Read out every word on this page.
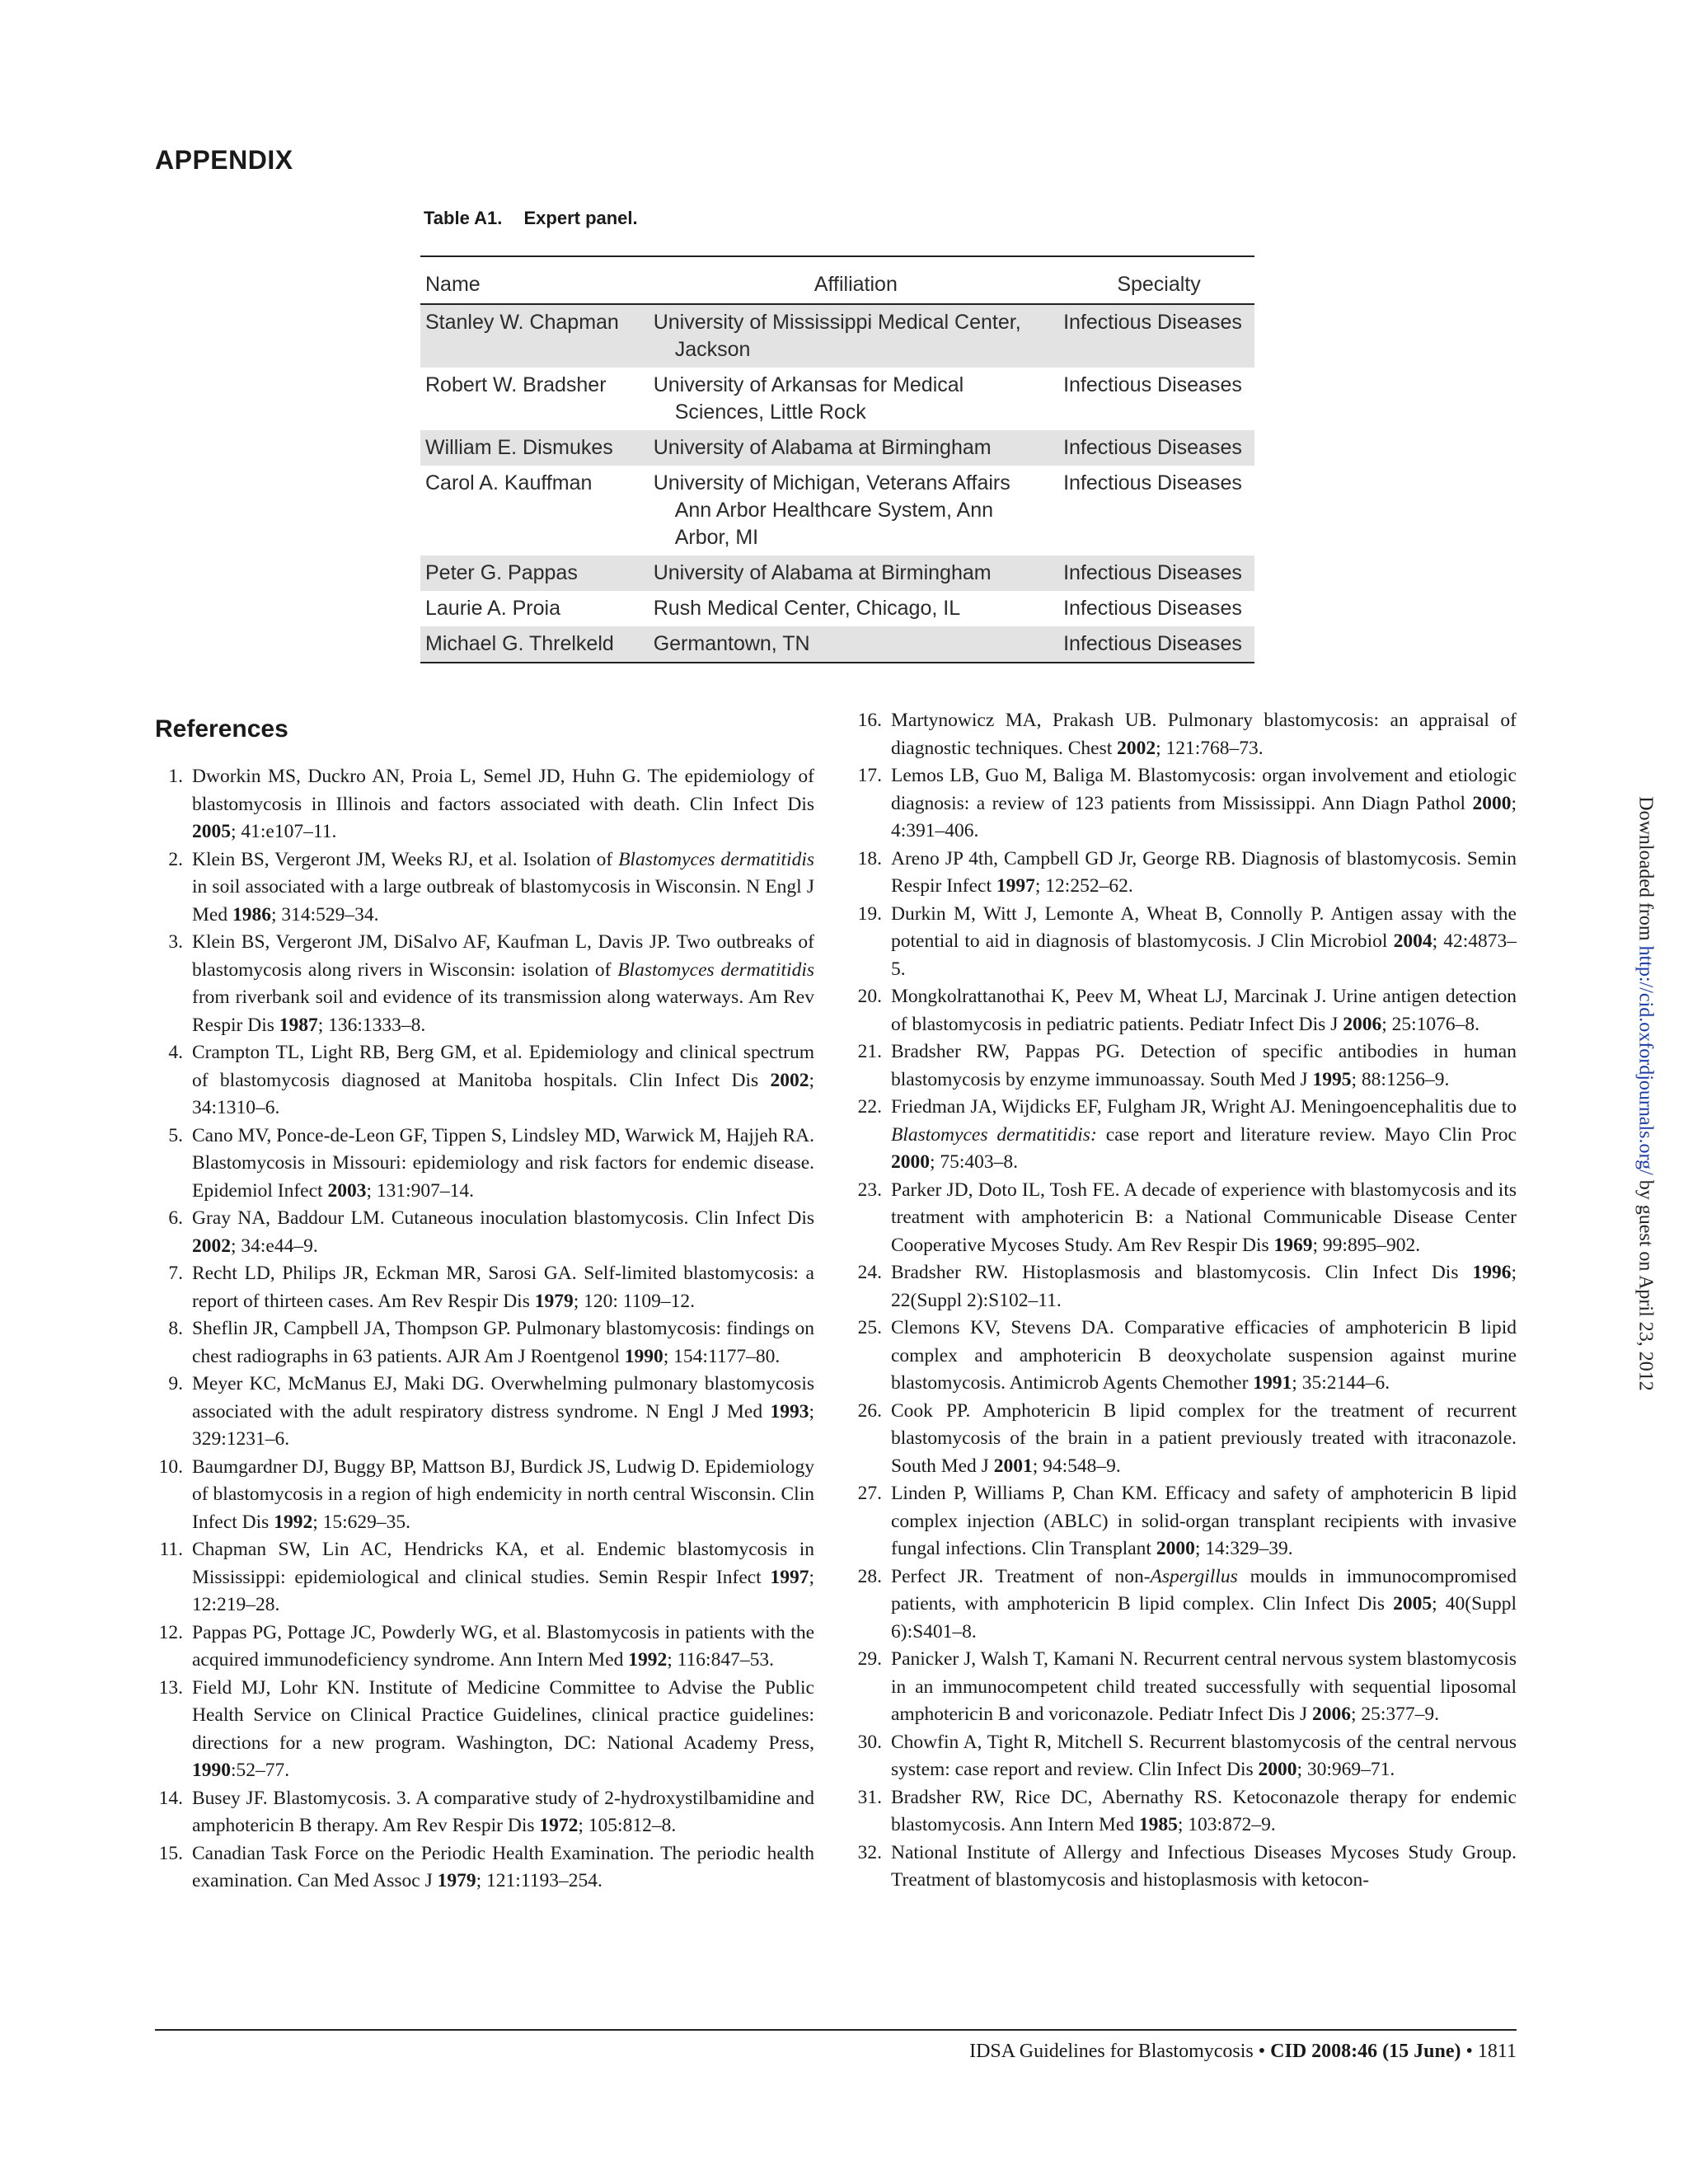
APPENDIX
Table A1. Expert panel.
Name	Affiliation	Specialty
Stanley W. Chapman	University of Mississippi Medical Center, Jackson	Infectious Diseases
Robert W. Bradsher	University of Arkansas for Medical Sciences, Little Rock	Infectious Diseases
William E. Dismukes	University of Alabama at Birmingham	Infectious Diseases
Carol A. Kauffman	University of Michigan, Veterans Affairs Ann Arbor Healthcare System, Ann Arbor, MI	Infectious Diseases
Peter G. Pappas	University of Alabama at Birmingham	Infectious Diseases
Laurie A. Proia	Rush Medical Center, Chicago, IL	Infectious Diseases
Michael G. Threlkeld	Germantown, TN	Infectious Diseases
References
1. Dworkin MS, Duckro AN, Proia L, Semel JD, Huhn G. The epidemiology of blastomycosis in Illinois and factors associated with death. Clin Infect Dis 2005; 41:e107–11.
2. Klein BS, Vergeront JM, Weeks RJ, et al. Isolation of Blastomyces dermatitidis in soil associated with a large outbreak of blastomycosis in Wisconsin. N Engl J Med 1986; 314:529–34.
3. Klein BS, Vergeront JM, DiSalvo AF, Kaufman L, Davis JP. Two outbreaks of blastomycosis along rivers in Wisconsin: isolation of Blastomyces dermatitidis from riverbank soil and evidence of its transmission along waterways. Am Rev Respir Dis 1987; 136:1333–8.
4. Crampton TL, Light RB, Berg GM, et al. Epidemiology and clinical spectrum of blastomycosis diagnosed at Manitoba hospitals. Clin Infect Dis 2002; 34:1310–6.
5. Cano MV, Ponce-de-Leon GF, Tippen S, Lindsley MD, Warwick M, Hajjeh RA. Blastomycosis in Missouri: epidemiology and risk factors for endemic disease. Epidemiol Infect 2003; 131:907–14.
6. Gray NA, Baddour LM. Cutaneous inoculation blastomycosis. Clin Infect Dis 2002; 34:e44–9.
7. Recht LD, Philips JR, Eckman MR, Sarosi GA. Self-limited blastomycosis: a report of thirteen cases. Am Rev Respir Dis 1979; 120: 1109–12.
8. Sheflin JR, Campbell JA, Thompson GP. Pulmonary blastomycosis: findings on chest radiographs in 63 patients. AJR Am J Roentgenol 1990; 154:1177–80.
9. Meyer KC, McManus EJ, Maki DG. Overwhelming pulmonary blastomycosis associated with the adult respiratory distress syndrome. N Engl J Med 1993; 329:1231–6.
10. Baumgardner DJ, Buggy BP, Mattson BJ, Burdick JS, Ludwig D. Epidemiology of blastomycosis in a region of high endemicity in north central Wisconsin. Clin Infect Dis 1992; 15:629–35.
11. Chapman SW, Lin AC, Hendricks KA, et al. Endemic blastomycosis in Mississippi: epidemiological and clinical studies. Semin Respir Infect 1997; 12:219–28.
12. Pappas PG, Pottage JC, Powderly WG, et al. Blastomycosis in patients with the acquired immunodeficiency syndrome. Ann Intern Med 1992; 116:847–53.
13. Field MJ, Lohr KN. Institute of Medicine Committee to Advise the Public Health Service on Clinical Practice Guidelines, clinical practice guidelines: directions for a new program. Washington, DC: National Academy Press, 1990:52–77.
14. Busey JF. Blastomycosis. 3. A comparative study of 2-hydroxystilbamidine and amphotericin B therapy. Am Rev Respir Dis 1972; 105:812–8.
15. Canadian Task Force on the Periodic Health Examination. The periodic health examination. Can Med Assoc J 1979; 121:1193–254.
16. Martynowicz MA, Prakash UB. Pulmonary blastomycosis: an appraisal of diagnostic techniques. Chest 2002; 121:768–73.
17. Lemos LB, Guo M, Baliga M. Blastomycosis: organ involvement and etiologic diagnosis: a review of 123 patients from Mississippi. Ann Diagn Pathol 2000; 4:391–406.
18. Areno JP 4th, Campbell GD Jr, George RB. Diagnosis of blastomycosis. Semin Respir Infect 1997; 12:252–62.
19. Durkin M, Witt J, Lemonte A, Wheat B, Connolly P. Antigen assay with the potential to aid in diagnosis of blastomycosis. J Clin Microbiol 2004; 42:4873–5.
20. Mongkolrattanothai K, Peev M, Wheat LJ, Marcinak J. Urine antigen detection of blastomycosis in pediatric patients. Pediatr Infect Dis J 2006; 25:1076–8.
21. Bradsher RW, Pappas PG. Detection of specific antibodies in human blastomycosis by enzyme immunoassay. South Med J 1995; 88:1256–9.
22. Friedman JA, Wijdicks EF, Fulgham JR, Wright AJ. Meningoencephalitis due to Blastomyces dermatitidis: case report and literature review. Mayo Clin Proc 2000; 75:403–8.
23. Parker JD, Doto IL, Tosh FE. A decade of experience with blastomycosis and its treatment with amphotericin B: a National Communicable Disease Center Cooperative Mycoses Study. Am Rev Respir Dis 1969; 99:895–902.
24. Bradsher RW. Histoplasmosis and blastomycosis. Clin Infect Dis 1996; 22(Suppl 2):S102–11.
25. Clemons KV, Stevens DA. Comparative efficacies of amphotericin B lipid complex and amphotericin B deoxycholate suspension against murine blastomycosis. Antimicrob Agents Chemother 1991; 35:2144–6.
26. Cook PP. Amphotericin B lipid complex for the treatment of recurrent blastomycosis of the brain in a patient previously treated with itraconazole. South Med J 2001; 94:548–9.
27. Linden P, Williams P, Chan KM. Efficacy and safety of amphotericin B lipid complex injection (ABLC) in solid-organ transplant recipients with invasive fungal infections. Clin Transplant 2000; 14:329–39.
28. Perfect JR. Treatment of non-Aspergillus moulds in immunocompromised patients, with amphotericin B lipid complex. Clin Infect Dis 2005; 40(Suppl 6):S401–8.
29. Panicker J, Walsh T, Kamani N. Recurrent central nervous system blastomycosis in an immunocompetent child treated successfully with sequential liposomal amphotericin B and voriconazole. Pediatr Infect Dis J 2006; 25:377–9.
30. Chowfin A, Tight R, Mitchell S. Recurrent blastomycosis of the central nervous system: case report and review. Clin Infect Dis 2000; 30:969–71.
31. Bradsher RW, Rice DC, Abernathy RS. Ketoconazole therapy for endemic blastomycosis. Ann Intern Med 1985; 103:872–9.
32. National Institute of Allergy and Infectious Diseases Mycoses Study Group. Treatment of blastomycosis and histoplasmosis with ketocon-
IDSA Guidelines for Blastomycosis • CID 2008:46 (15 June) • 1811
Downloaded from http://cid.oxfordjournals.org/ by guest on April 23, 2012
